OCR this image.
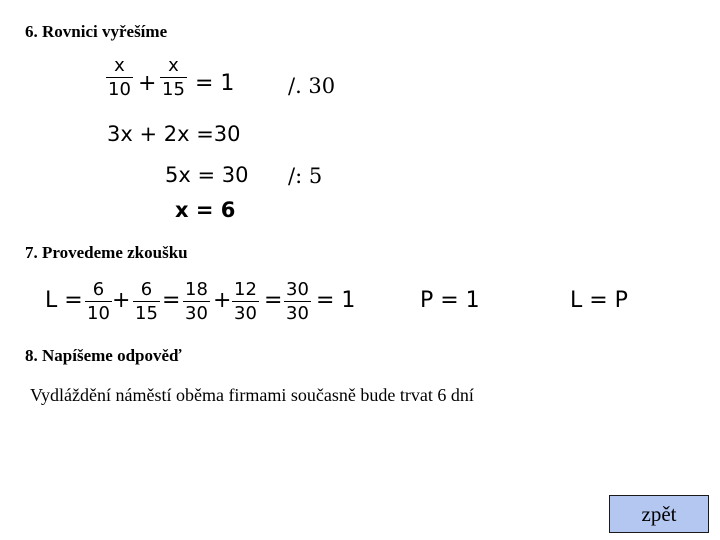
6. Rovnici vyřešíme
x
10 +
x
15 = 1	/. 30
3x + 2x =30
5x = 30 /: 5
x = 6
7. Provedeme zkoušku
L = 6
10
+ 6
15
= 18
30
+ 12
30
= 30
30
= 1	P = 1	L = P
8. Napíšeme odpověď
Vydláždění náměstí oběma firmami současně bude trvat 6 dní
zpět
